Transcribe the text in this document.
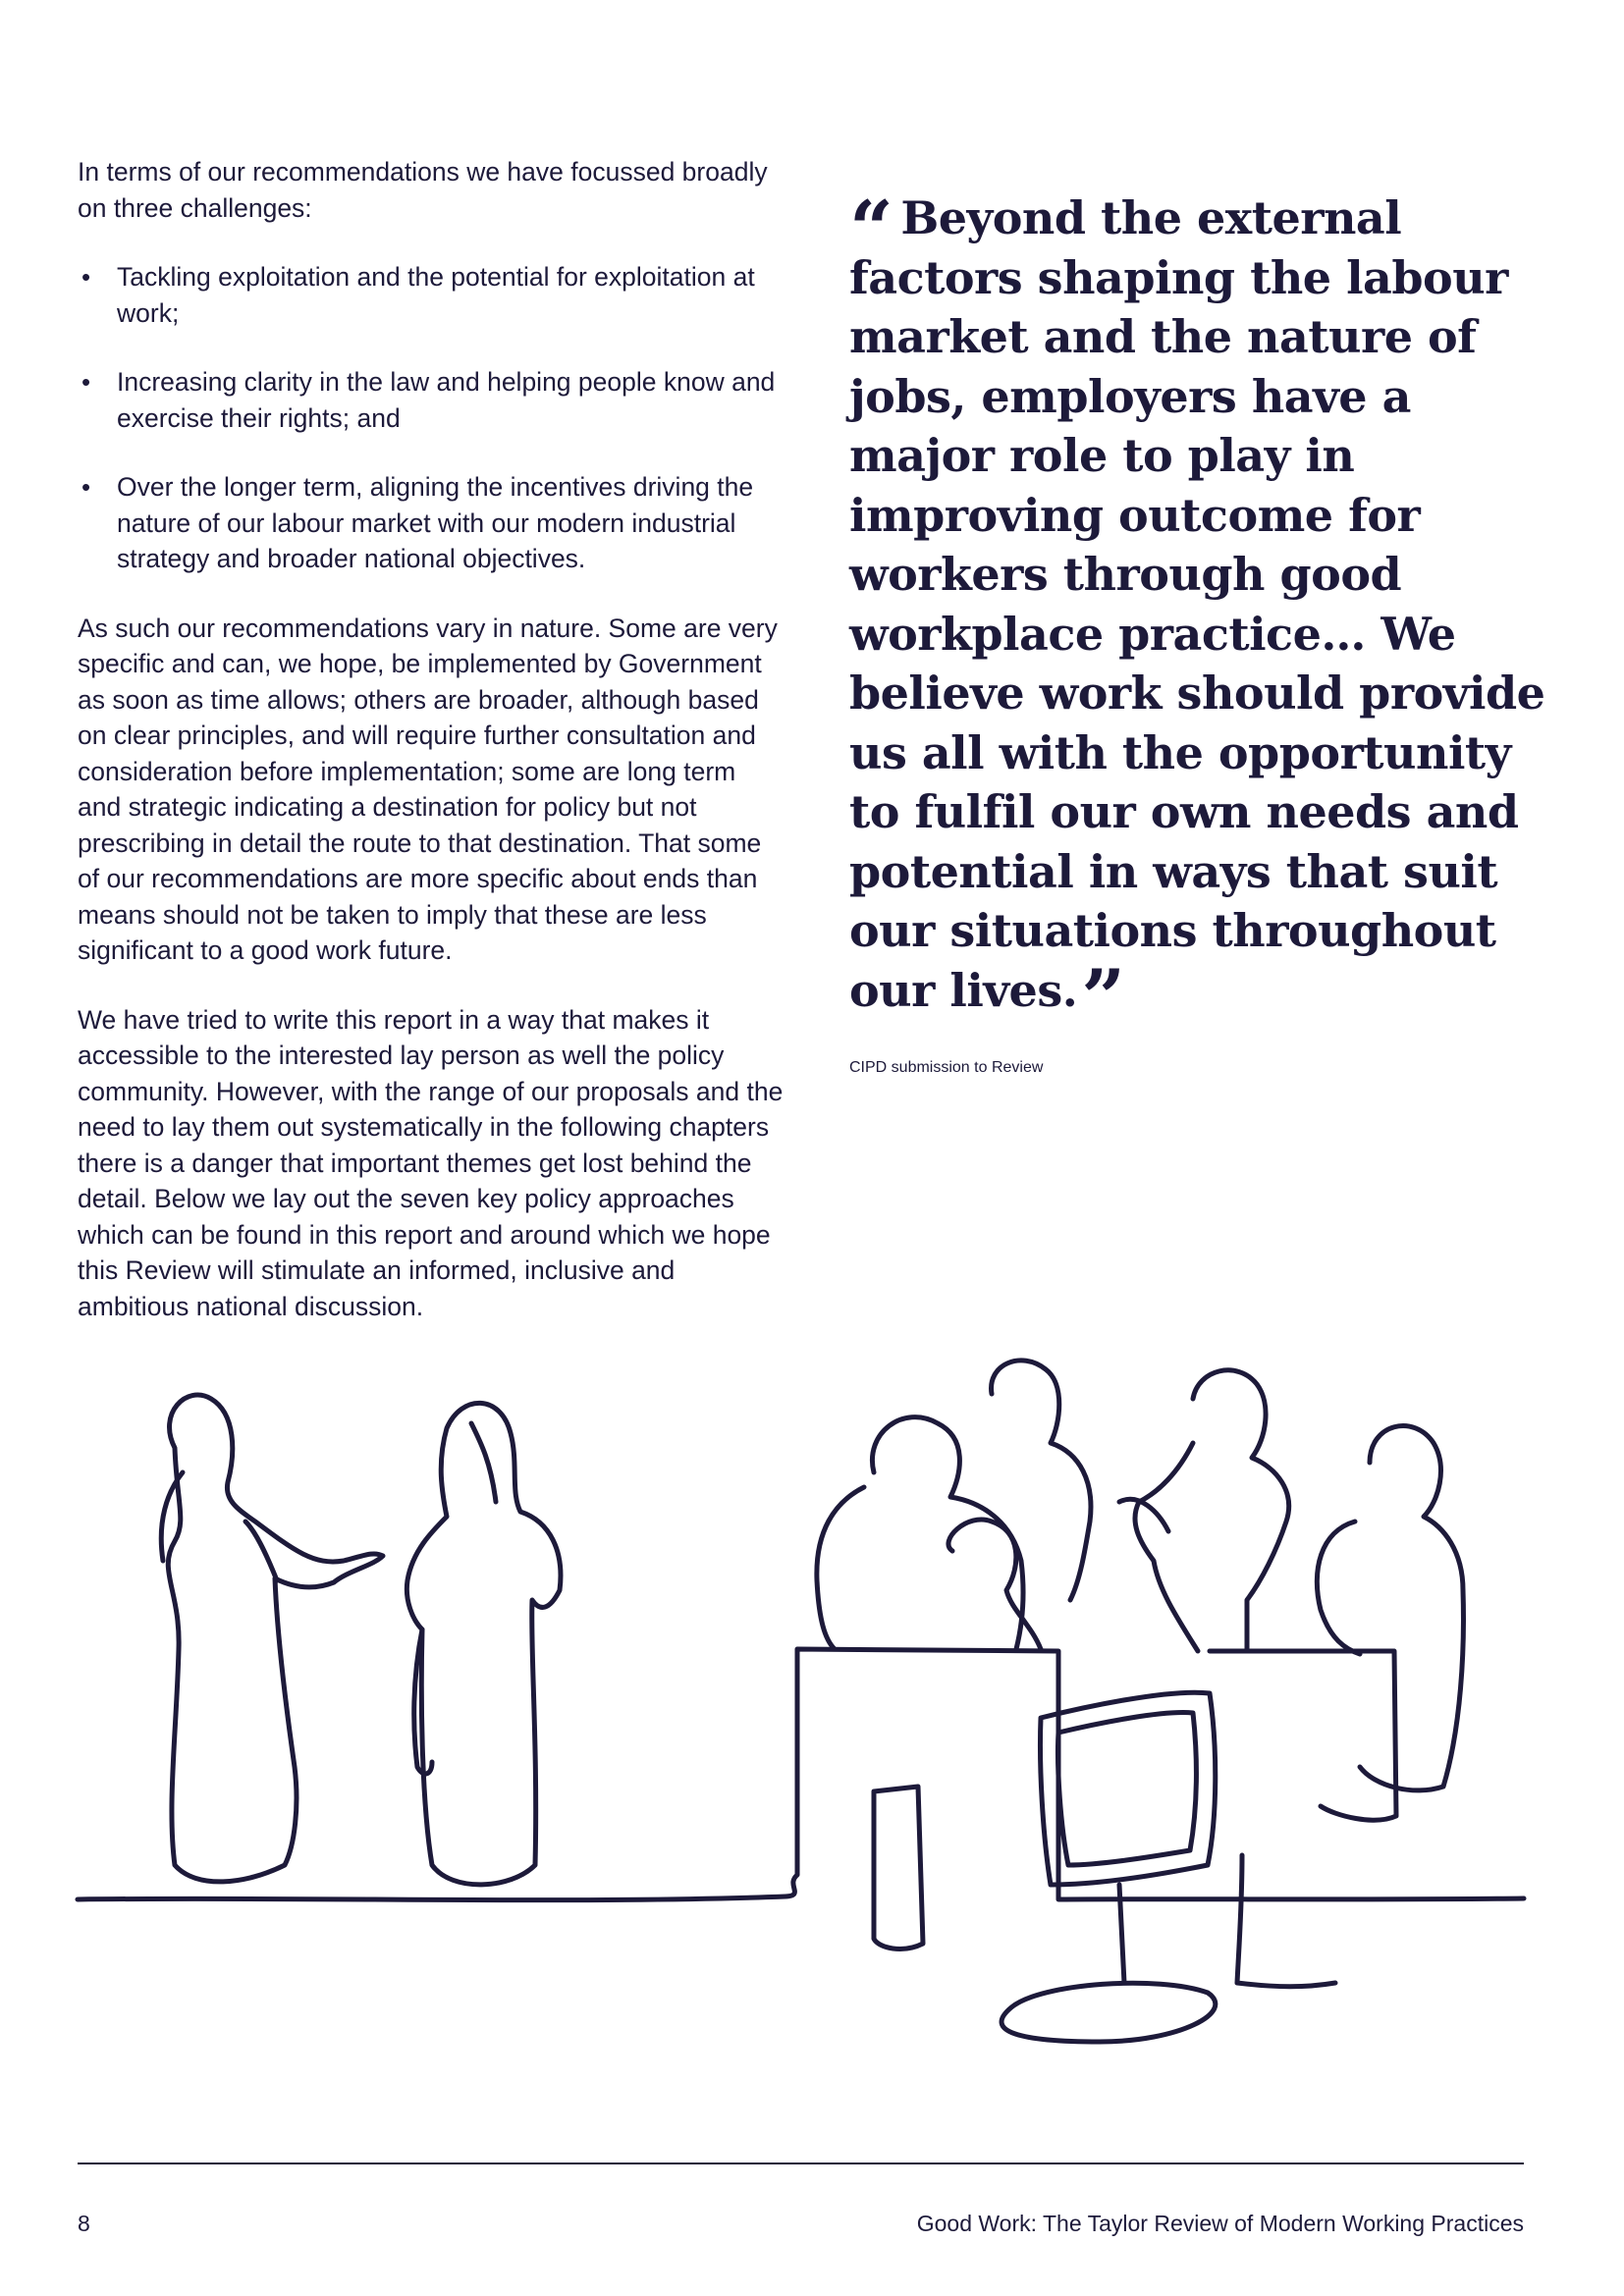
In terms of our recommendations we have focussed broadly on three challenges:

• Tackling exploitation and the potential for exploitation at work;
• Increasing clarity in the law and helping people know and exercise their rights; and
• Over the longer term, aligning the incentives driving the nature of our labour market with our modern industrial strategy and broader national objectives.

As such our recommendations vary in nature. Some are very specific and can, we hope, be implemented by Government as soon as time allows; others are broader, although based on clear principles, and will require further consultation and consideration before implementation; some are long term and strategic indicating a destination for policy but not prescribing in detail the route to that destination. That some of our recommendations are more specific about ends than means should not be taken to imply that these are less significant to a good work future.

We have tried to write this report in a way that makes it accessible to the interested lay person as well the policy community. However, with the range of our proposals and the need to lay them out systematically in the following chapters there is a danger that important themes get lost behind the detail. Below we lay out the seven key policy approaches which can be found in this report and around which we hope this Review will stimulate an informed, inclusive and ambitious national discussion.

“ Beyond the external factors shaping the labour market and the nature of jobs, employers have a major role to play in improving outcome for workers through good workplace practice… We believe work should provide us all with the opportunity to fulfil our own needs and potential in ways that suit our situations throughout our lives.”

CIPD submission to Review
8	Good Work: The Taylor Review of Modern Working Practices
